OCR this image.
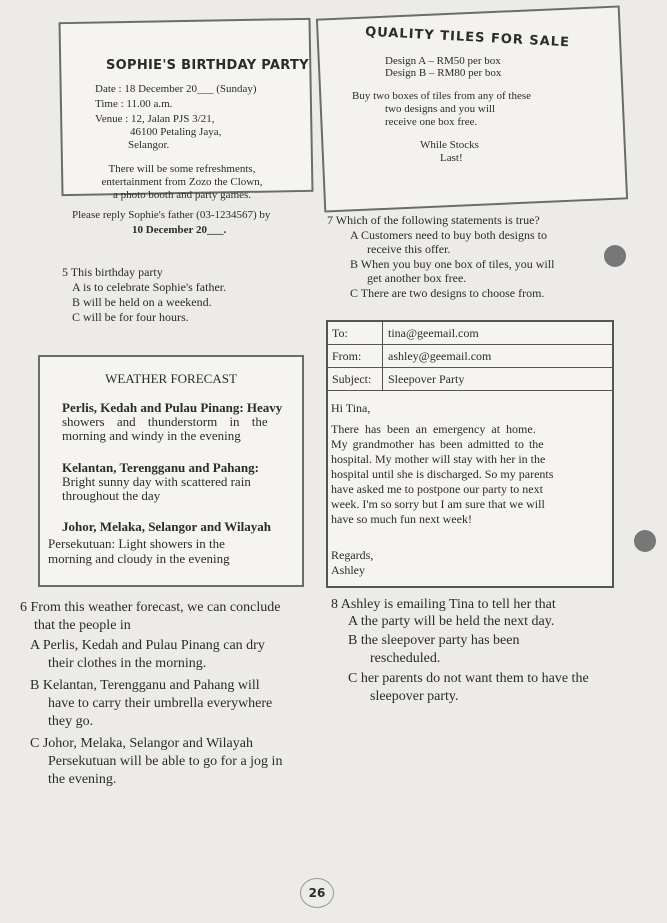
SOPHIE'S BIRTHDAY PARTY
Date : 18 December 20___ (Sunday)
Time : 11.00 a.m.
Venue : 12, Jalan PJS 3/21,
46100 Petaling Jaya,
Selangor.
There will be some refreshments,
entertainment from Zozo the Clown,
a photo booth and party games.
Please reply Sophie's father (03-1234567) by
10 December 20___.
QUALITY TILES FOR SALE
Design A – RM50 per box
Design B – RM80 per box
Buy two boxes of tiles from any of these
two designs and you will
receive one box free.
While Stocks
Last!
5 This birthday party
A is to celebrate Sophie's father.
B will be held on a weekend.
C will be for four hours.
7 Which of the following statements is true?
A Customers need to buy both designs to
receive this offer.
B When you buy one box of tiles, you will
get another box free.
C There are two designs to choose from.
WEATHER FORECAST
Perlis, Kedah and Pulau Pinang: Heavy
showers and thunderstorm in the
morning and windy in the evening
Kelantan, Terengganu and Pahang:
Bright sunny day with scattered rain
throughout the day
Johor, Melaka, Selangor and Wilayah
Persekutuan: Light showers in the
morning and cloudy in the evening
To:	tina@geemail.com
From:	ashley@geemail.com
Subject:	Sleepover Party
Hi Tina,
There has been an emergency at home.
My grandmother has been admitted to the
hospital. My mother will stay with her in the
hospital until she is discharged. So my parents
have asked me to postpone our party to next
week. I'm so sorry but I am sure that we will
have so much fun next week!
Regards,
Ashley
6 From this weather forecast, we can conclude
that the people in
A Perlis, Kedah and Pulau Pinang can dry
their clothes in the morning.
B Kelantan, Terengganu and Pahang will
have to carry their umbrella everywhere
they go.
C Johor, Melaka, Selangor and Wilayah
Persekutuan will be able to go for a jog in
the evening.
8 Ashley is emailing Tina to tell her that
A the party will be held the next day.
B the sleepover party has been
rescheduled.
C her parents do not want them to have the
sleepover party.
26
